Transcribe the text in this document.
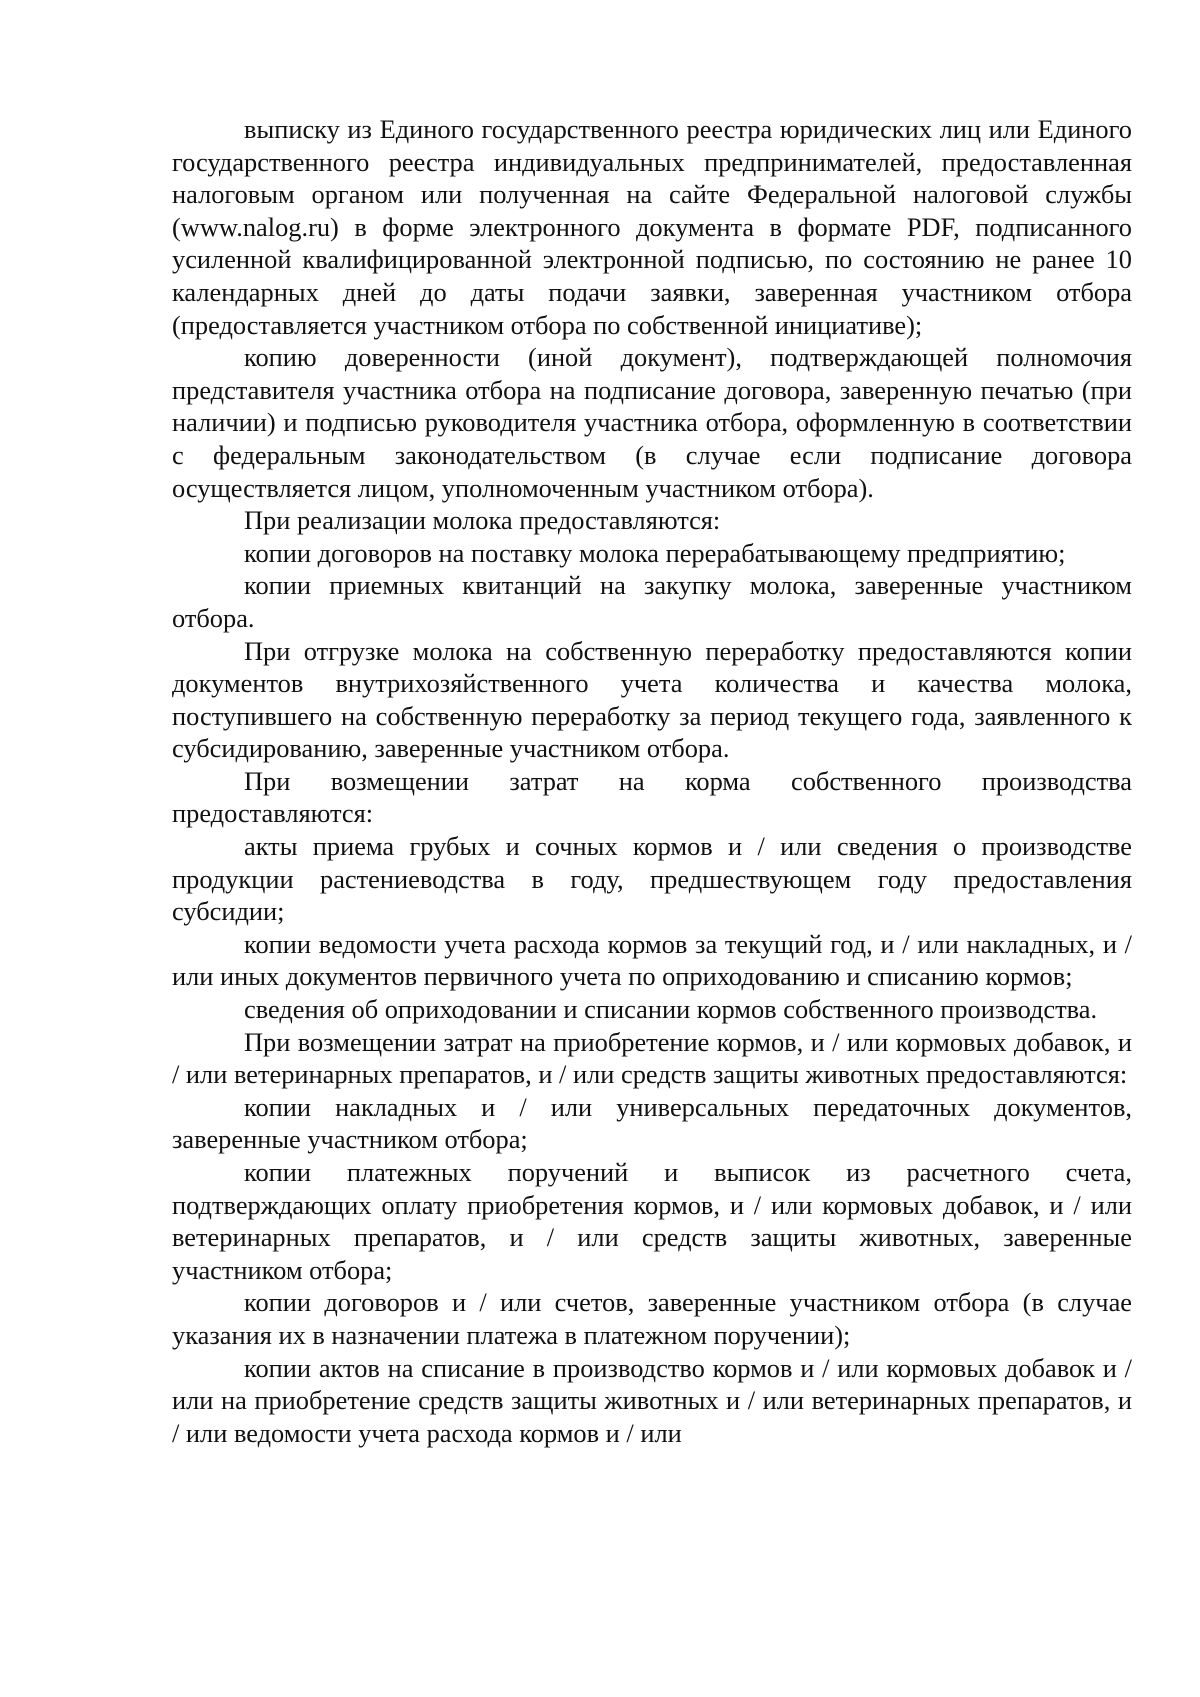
выписку из Единого государственного реестра юридических лиц или Единого государственного реестра индивидуальных предпринимателей, предоставленная налоговым органом или полученная на сайте Федеральной налоговой службы (www.nalog.ru) в форме электронного документа в формате PDF, подписанного усиленной квалифицированной электронной подписью, по состоянию не ранее 10 календарных дней до даты подачи заявки, заверенная участником отбора (предоставляется участником отбора по собственной инициативе);

копию доверенности (иной документ), подтверждающей полномочия представителя участника отбора на подписание договора, заверенную печатью (при наличии) и подписью руководителя участника отбора, оформленную в соответствии с федеральным законодательством (в случае если подписание договора осуществляется лицом, уполномоченным участником отбора).

При реализации молока предоставляются:

копии договоров на поставку молока перерабатывающему предприятию;

копии приемных квитанций на закупку молока, заверенные участником отбора.

При отгрузке молока на собственную переработку предоставляются копии документов внутрихозяйственного учета количества и качества молока, поступившего на собственную переработку за период текущего года, заявленного к субсидированию, заверенные участником отбора.

При возмещении затрат на корма собственного производства предоставляются:

акты приема грубых и сочных кормов и / или сведения о производстве продукции растениеводства в году, предшествующем году предоставления субсидии;

копии ведомости учета расхода кормов за текущий год, и / или накладных, и / или иных документов первичного учета по оприходованию и списанию кормов;

сведения об оприходовании и списании кормов собственного производства.

При возмещении затрат на приобретение кормов, и / или кормовых добавок, и / или ветеринарных препаратов, и / или средств защиты животных предоставляются:

копии накладных и / или универсальных передаточных документов, заверенные участником отбора;

копии платежных поручений и выписок из расчетного счета, подтверждающих оплату приобретения кормов, и / или кормовых добавок, и / или ветеринарных препаратов, и / или средств защиты животных, заверенные участником отбора;

копии договоров и / или счетов, заверенные участником отбора (в случае указания их в назначении платежа в платежном поручении);

копии актов на списание в производство кормов и / или кормовых добавок и / или на приобретение средств защиты животных и / или ветеринарных препаратов, и / или ведомости учета расхода кормов и / или
